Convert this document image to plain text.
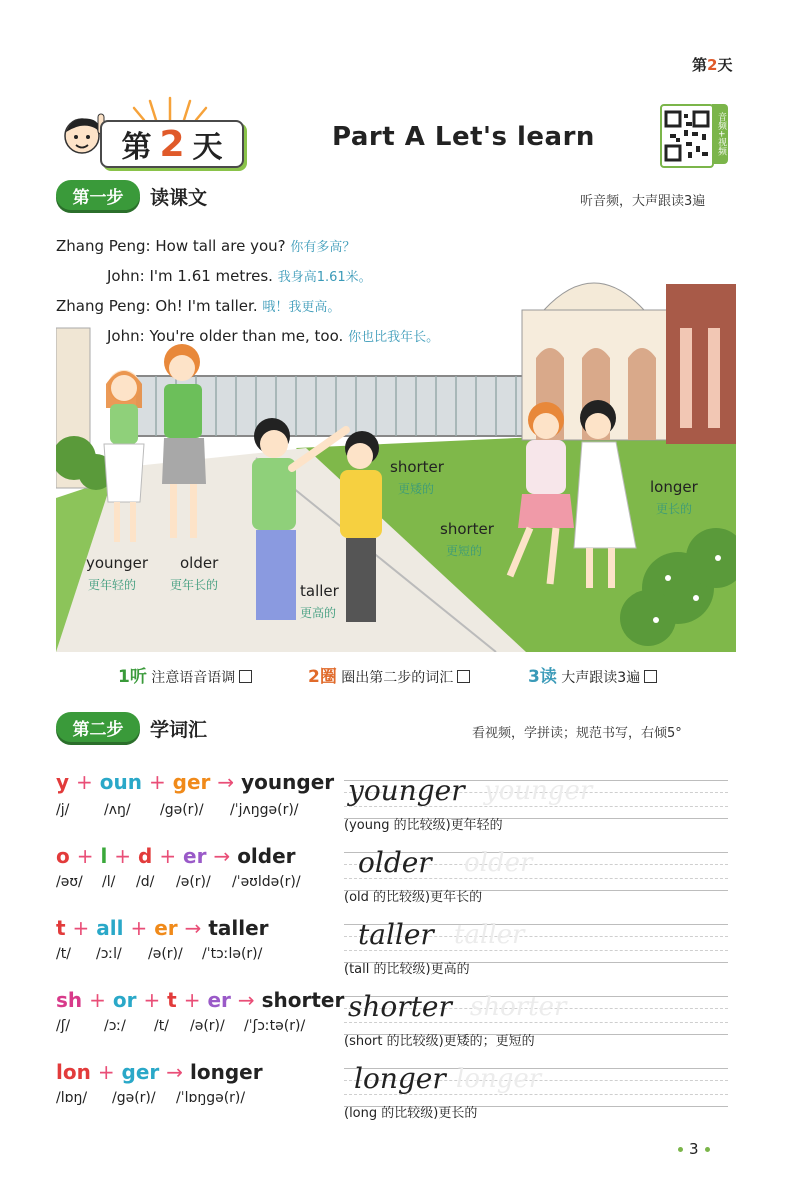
第2天
第 2 天	Part A Let's learn	音频+视频
第一步	读课文	听音频，大声跟读3遍
Zhang Peng: How tall are you? 你有多高？
John: I'm 1.61 metres. 我身高1.61米。
Zhang Peng: Oh! I'm taller. 哦！我更高。
John: You're older than me, too. 你也比我年长。
younger
更年轻的
older
更年长的	taller
更高的
shorter
更矮的
shorter
更短的
longer
更长的
1听 注意语音语调	2圈 圈出第二步的词汇	3读 大声跟读3遍
第二步	学词汇	看视频，学拼读；规范书写，右倾5°
y + oun + ger → younger
/j/ /ʌŋ/ /gə(r)/ /ˈjʌŋgə(r)/
younger younger
(young 的比较级)更年轻的
o + l + d + er → older
/əʊ/ /l/ /d/ /ə(r)/ /ˈəʊldə(r)/
older older
(old 的比较级)更年长的
t + all + er → taller
/t/ /ɔːl/ /ə(r)/ /ˈtɔːlə(r)/
taller taller
(tall 的比较级)更高的
sh + or + t + er → shorter
/ʃ/ /ɔː/ /t/ /ə(r)/ /ˈʃɔːtə(r)/
shorter shorter
(short 的比较级)更矮的；更短的
lon + ger → longer
/lɒŋ/ /gə(r)/ /ˈlɒŋgə(r)/
longer longer
(long 的比较级)更长的
3
